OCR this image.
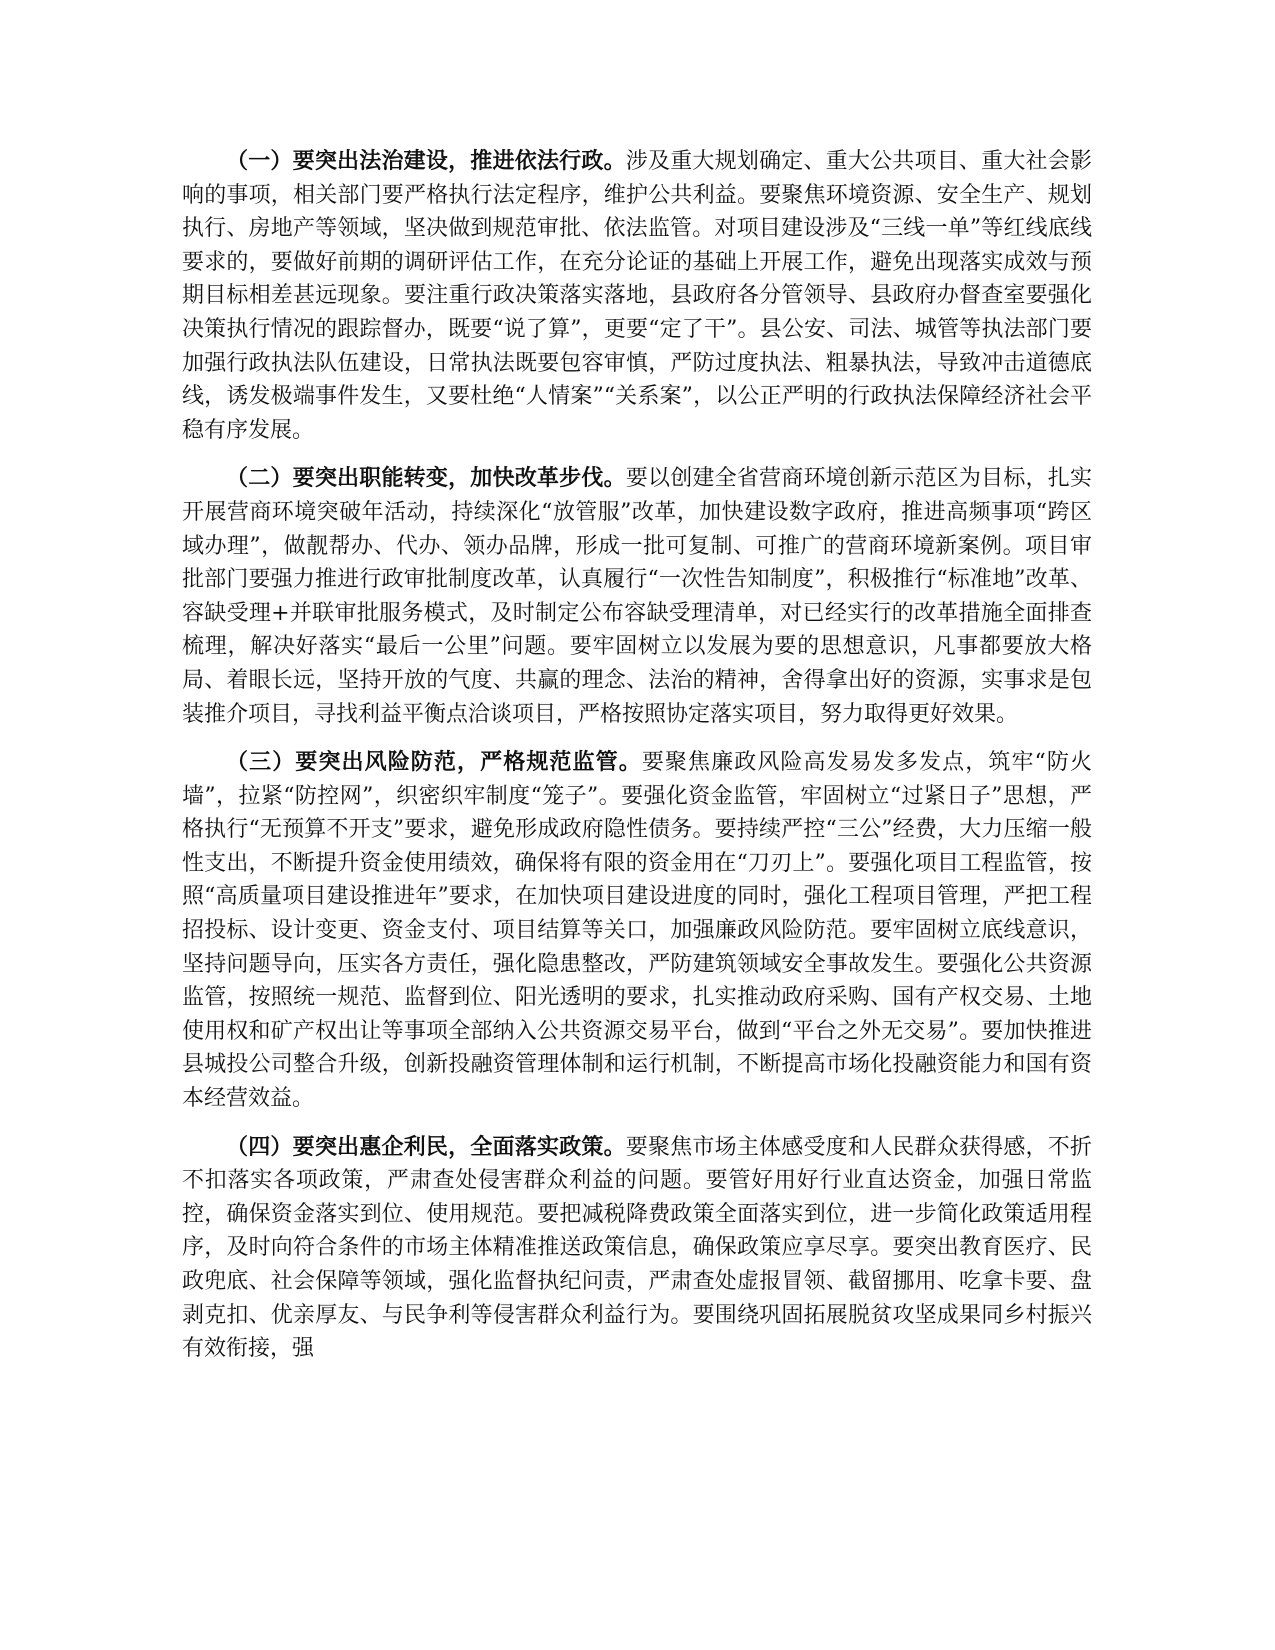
（一）要突出法治建设，推进依法行政。涉及重大规划确定、重大公共项目、重大社会影响的事项，相关部门要严格执行法定程序，维护公共利益。要聚焦环境资源、安全生产、规划执行、房地产等领域，坚决做到规范审批、依法监管。对项目建设涉及“三线一单”等红线底线要求的，要做好前期的调研评估工作，在充分论证的基础上开展工作，避免出现落实成效与预期目标相差甚远现象。要注重行政决策落实落地，县政府各分管领导、县政府办督查室要强化决策执行情况的跟踪督办，既要“说了算”，更要“定了干”。县公安、司法、城管等执法部门要加强行政执法队伍建设，日常执法既要包容审慎，严防过度执法、粗暴执法，导致冲击道德底线，诱发极端事件发生，又要杜绝“人情案”“关系案”，以公正严明的行政执法保障经济社会平稳有序发展。

（二）要突出职能转变，加快改革步伐。要以创建全省营商环境创新示范区为目标，扎实开展营商环境突破年活动，持续深化“放管服”改革，加快建设数字政府，推进高频事项“跨区域办理”，做靓帮办、代办、领办品牌，形成一批可复制、可推广的营商环境新案例。项目审批部门要强力推进行政审批制度改革，认真履行“一次性告知制度”，积极推行“标准地”改革、容缺受理+并联审批服务模式，及时制定公布容缺受理清单，对已经实行的改革措施全面排查梳理，解决好落实“最后一公里”问题。要牢固树立以发展为要的思想意识，凡事都要放大格局、着眼长远，坚持开放的气度、共赢的理念、法治的精神，舍得拿出好的资源，实事求是包装推介项目，寻找利益平衡点洽谈项目，严格按照协定落实项目，努力取得更好效果。

（三）要突出风险防范，严格规范监管。要聚焦廉政风险高发易发多发点，筑牢“防火墙”，拉紧“防控网”，织密织牢制度“笼子”。要强化资金监管，牢固树立“过紧日子”思想，严格执行“无预算不开支”要求，避免形成政府隐性债务。要持续严控“三公”经费，大力压缩一般性支出，不断提升资金使用绩效，确保将有限的资金用在“刀刃上”。要强化项目工程监管，按照“高质量项目建设推进年”要求，在加快项目建设进度的同时，强化工程项目管理，严把工程招投标、设计变更、资金支付、项目结算等关口，加强廉政风险防范。要牢固树立底线意识，坚持问题导向，压实各方责任，强化隐患整改，严防建筑领域安全事故发生。要强化公共资源监管，按照统一规范、监督到位、阳光透明的要求，扎实推动政府采购、国有产权交易、土地使用权和矿产权出让等事项全部纳入公共资源交易平台，做到“平台之外无交易”。要加快推进县城投公司整合升级，创新投融资管理体制和运行机制，不断提高市场化投融资能力和国有资本经营效益。

（四）要突出惠企利民，全面落实政策。要聚焦市场主体感受度和人民群众获得感，不折不扣落实各项政策，严肃查处侵害群众利益的问题。要管好用好行业直达资金，加强日常监控，确保资金落实到位、使用规范。要把减税降费政策全面落实到位，进一步简化政策适用程序，及时向符合条件的市场主体精准推送政策信息，确保政策应享尽享。要突出教育医疗、民政兜底、社会保障等领域，强化监督执纪问责，严肃查处虚报冒领、截留挪用、吃拿卡要、盘剥克扣、优亲厚友、与民争利等侵害群众利益行为。要围绕巩固拓展脱贫攻坚成果同乡村振兴有效衔接，强
